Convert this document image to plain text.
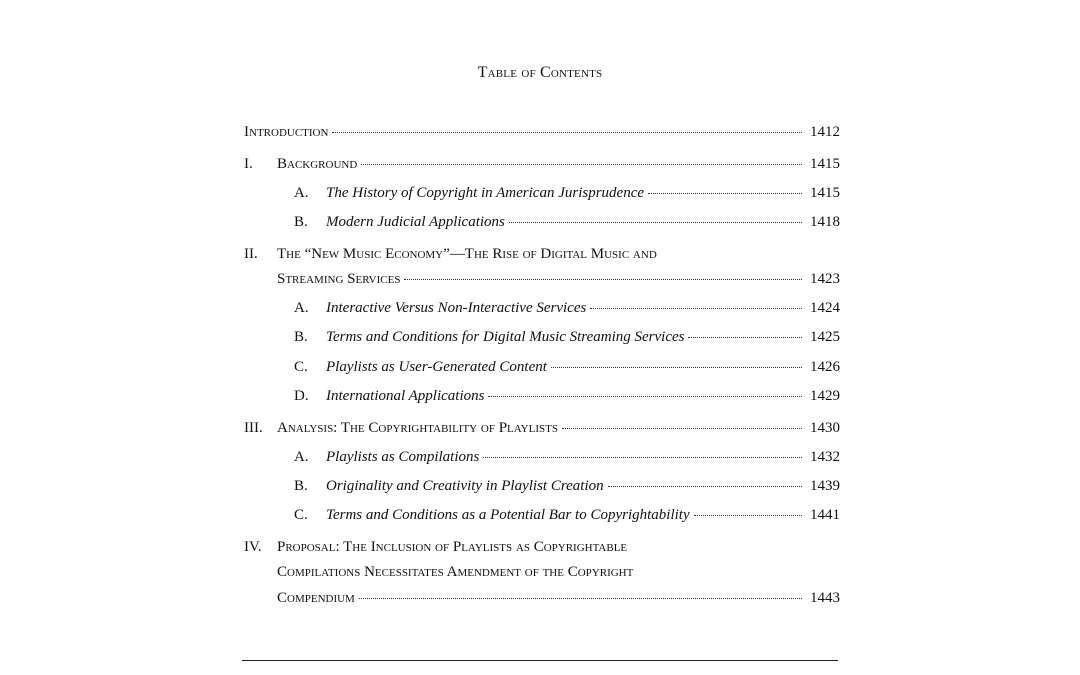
Table of Contents
Introduction	1412
I. Background	1415
A. The History of Copyright in American Jurisprudence	1415
B. Modern Judicial Applications	1418
II. The “New Music Economy”—The Rise of Digital Music and
Streaming Services	1423
A. Interactive Versus Non-Interactive Services	1424
B. Terms and Conditions for Digital Music Streaming Services	1425
C. Playlists as User-Generated Content	1426
D. International Applications	1429
III. Analysis: The Copyrightability of Playlists	1430
A. Playlists as Compilations	1432
B. Originality and Creativity in Playlist Creation	1439
C. Terms and Conditions as a Potential Bar to Copyrightability	1441
IV. Proposal: The Inclusion of Playlists as Copyrightable
Compilations Necessitates Amendment of the Copyright
Compendium	1443
